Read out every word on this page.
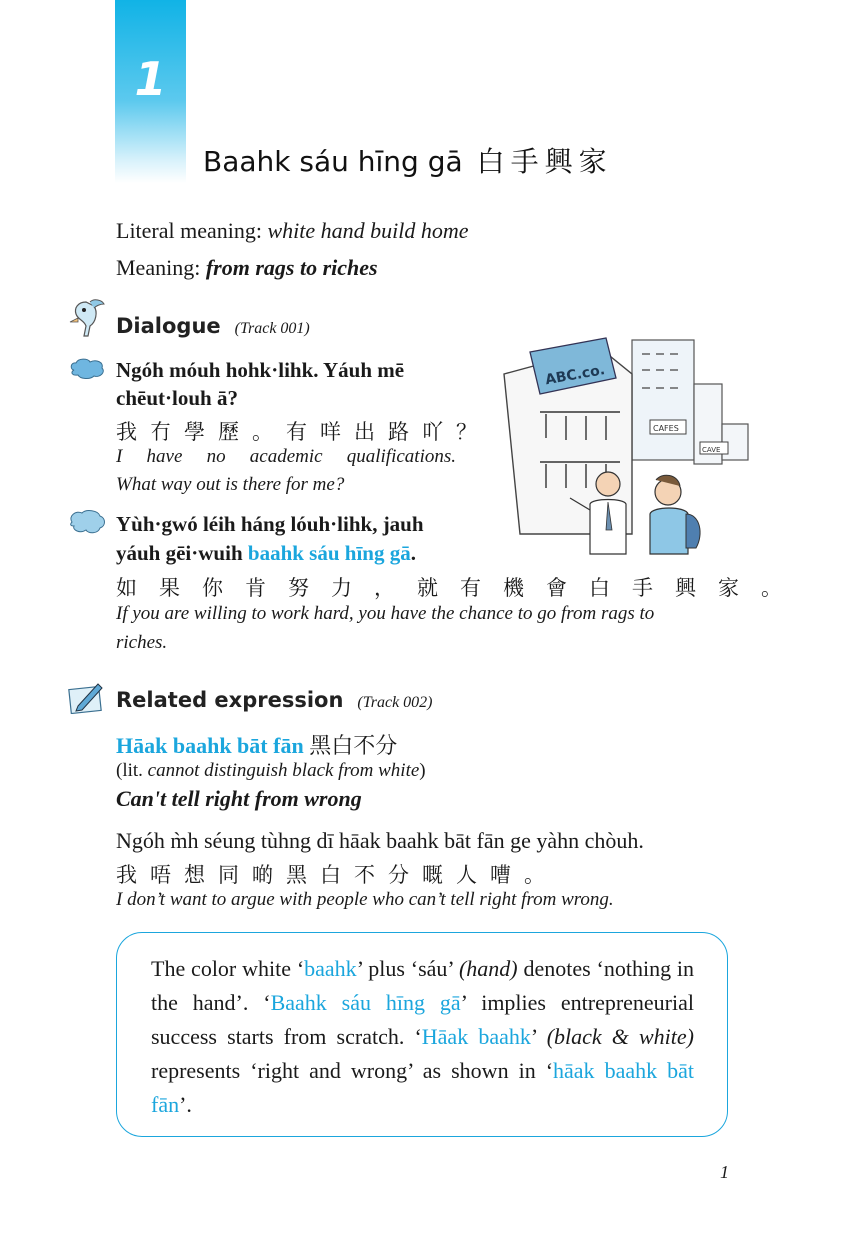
1
Baahk sáu hīng gā 白手興家
Literal meaning: white hand build home
Meaning: from rags to riches
Dialogue (Track 001)
Ngóh móuh hohk·lihk. Yáuh mē
chēut·louh ā?
我冇學歷。有咩出路吖？
I have no academic qualifications.
What way out is there for me?
Yùh·gwó léih háng lóuh·lihk, jauh
yáuh gēi·wuih baahk sáu hīng gā.
如果你肯努力，就有機會白手興家。
If you are willing to work hard, you have the chance to go from rags to
riches.
ABC.co.
CAFES
CAVE
Related expression (Track 002)
Hāak baahk bāt fān 黑白不分
(lit. cannot distinguish black from white)
Can't tell right from wrong
Ngóh m̀h séung tùhng dī hāak baahk bāt fān ge yàhn chòuh.
我唔想同啲黑白不分嘅人嘈。
I don’t want to argue with people who can’t tell right from wrong.
The color white ‘baahk’ plus ‘sáu’ (hand) denotes ‘nothing in the hand’. ‘Baahk sáu hīng gā’ implies entrepreneurial success starts from scratch. ‘Hāak baahk’ (black & white) represents ‘right and wrong’ as shown in ‘hāak baahk bāt fān’.
1
